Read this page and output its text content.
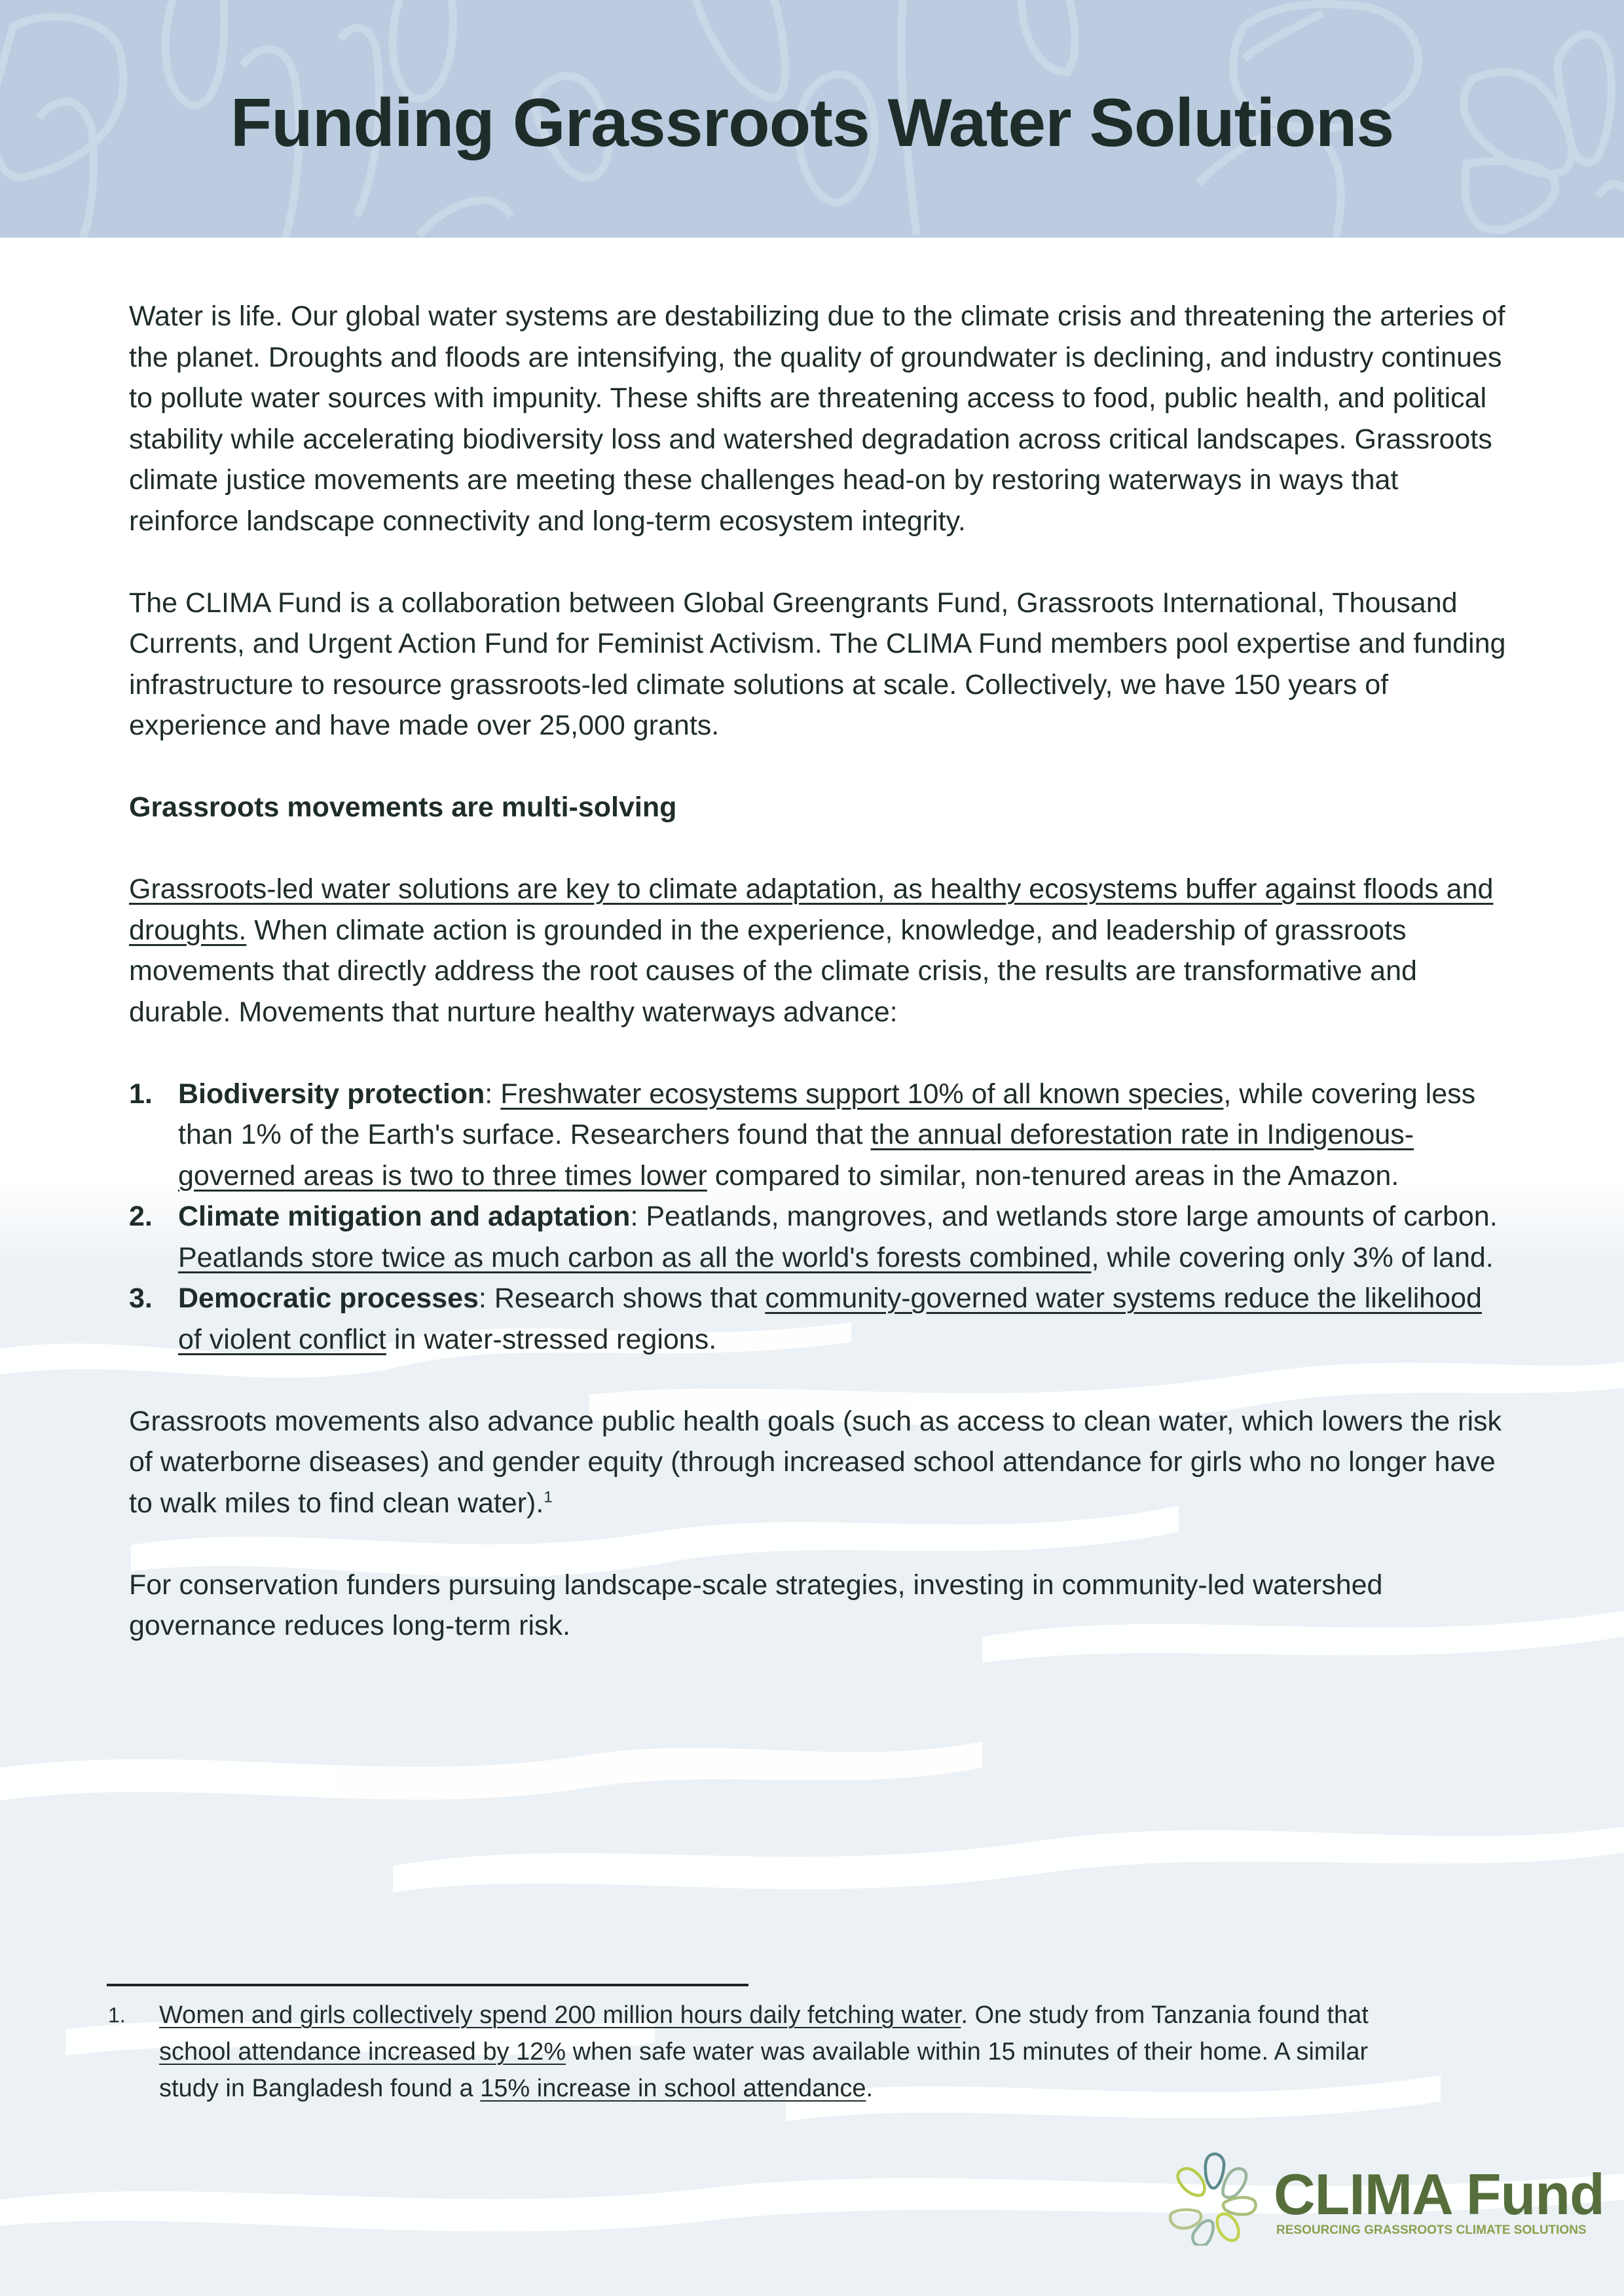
Funding Grassroots Water Solutions

Water is life. Our global water systems are destabilizing due to the climate crisis and threatening the arteries of the planet. Droughts and floods are intensifying, the quality of groundwater is declining, and industry continues to pollute water sources with impunity. These shifts are threatening access to food, public health, and political stability while accelerating biodiversity loss and watershed degradation across critical landscapes. Grassroots climate justice movements are meeting these challenges head-on by restoring waterways in ways that reinforce landscape connectivity and long-term ecosystem integrity.

The CLIMA Fund is a collaboration between Global Greengrants Fund, Grassroots International, Thousand Currents, and Urgent Action Fund for Feminist Activism. The CLIMA Fund members pool expertise and funding infrastructure to resource grassroots-led climate solutions at scale. Collectively, we have 150 years of experience and have made over 25,000 grants.

Grassroots movements are multi-solving

Grassroots-led water solutions are key to climate adaptation, as healthy ecosystems buffer against floods and droughts. When climate action is grounded in the experience, knowledge, and leadership of grassroots movements that directly address the root causes of the climate crisis, the results are transformative and durable. Movements that nurture healthy waterways advance:

1. Biodiversity protection: Freshwater ecosystems support 10% of all known species, while covering less than 1% of the Earth's surface. Researchers found that the annual deforestation rate in Indigenous-governed areas is two to three times lower compared to similar, non-tenured areas in the Amazon.
2. Climate mitigation and adaptation: Peatlands, mangroves, and wetlands store large amounts of carbon. Peatlands store twice as much carbon as all the world's forests combined, while covering only 3% of land.
3. Democratic processes: Research shows that community-governed water systems reduce the likelihood of violent conflict in water-stressed regions.

Grassroots movements also advance public health goals (such as access to clean water, which lowers the risk of waterborne diseases) and gender equity (through increased school attendance for girls who no longer have to walk miles to find clean water).$^1$

For conservation funders pursuing landscape-scale strategies, investing in community-led watershed governance reduces long-term risk.

1. Women and girls collectively spend 200 million hours daily fetching water. One study from Tanzania found that school attendance increased by 12% when safe water was available within 15 minutes of their home. A similar study in Bangladesh found a 15% increase in school attendance.
CLIMA Fund
RESOURCING GRASSROOTS CLIMATE SOLUTIONS
